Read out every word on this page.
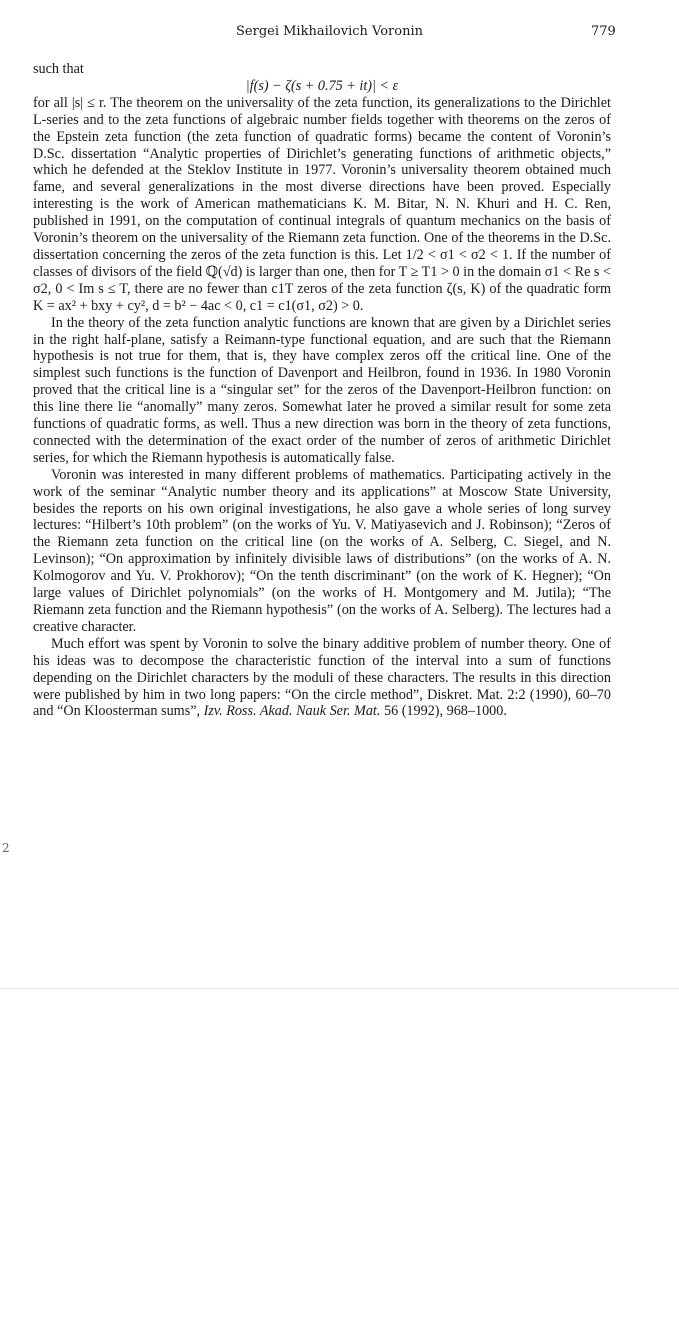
Sergei Mikhailovich Voronin	779

such that

|f(s) − ζ(s + 0.75 + it)| < ε

for all |s| ≤ r. The theorem on the universality of the zeta function, its generalizations to the Dirichlet L-series and to the zeta functions of algebraic number fields together with theorems on the zeros of the Epstein zeta function (the zeta function of quadratic forms) became the content of Voronin’s D.Sc. dissertation “Analytic properties of Dirichlet’s generating functions of arithmetic objects,” which he defended at the Steklov Institute in 1977. Voronin’s universality theorem obtained much fame, and several generalizations in the most diverse directions have been proved. Especially interesting is the work of American mathematicians K. M. Bitar, N. N. Khuri and H. C. Ren, published in 1991, on the computation of continual integrals of quantum mechanics on the basis of Voronin’s theorem on the universality of the Riemann zeta function. One of the theorems in the D.Sc. dissertation concerning the zeros of the zeta function is this. Let 1/2 < σ1 < σ2 < 1. If the number of classes of divisors of the field ℚ(√d) is larger than one, then for T ≥ T1 > 0 in the domain σ1 < Re s < σ2, 0 < Im s ≤ T, there are no fewer than c1T zeros of the zeta function ζ(s, K) of the quadratic form K = ax² + bxy + cy², d = b² − 4ac < 0, c1 = c1(σ1, σ2) > 0.

In the theory of the zeta function analytic functions are known that are given by a Dirichlet series in the right half-plane, satisfy a Reimann-type functional equation, and are such that the Riemann hypothesis is not true for them, that is, they have complex zeros off the critical line. One of the simplest such functions is the function of Davenport and Heilbron, found in 1936. In 1980 Voronin proved that the critical line is a “singular set” for the zeros of the Davenport-Heilbron function: on this line there lie “anomally” many zeros. Somewhat later he proved a similar result for some zeta functions of quadratic forms, as well. Thus a new direction was born in the theory of zeta functions, connected with the determination of the exact order of the number of zeros of arithmetic Dirichlet series, for which the Riemann hypothesis is automatically false.

Voronin was interested in many different problems of mathematics. Participating actively in the work of the seminar “Analytic number theory and its applications” at Moscow State University, besides the reports on his own original investigations, he also gave a whole series of long survey lectures: “Hilbert’s 10th problem” (on the works of Yu. V. Matiyasevich and J. Robinson); “Zeros of the Riemann zeta function on the critical line (on the works of A. Selberg, C. Siegel, and N. Levinson); “On approximation by infinitely divisible laws of distributions” (on the works of A. N. Kolmogorov and Yu. V. Prokhorov); “On the tenth discriminant” (on the work of K. Hegner); “On large values of Dirichlet polynomials” (on the works of H. Montgomery and M. Jutila); “The Riemann zeta function and the Riemann hypothesis” (on the works of A. Selberg). The lectures had a creative character.

Much effort was spent by Voronin to solve the binary additive problem of number theory. One of his ideas was to decompose the characteristic function of the interval into a sum of functions depending on the Dirichlet characters by the moduli of these characters. The results in this direction were published by him in two long papers: “On the circle method”, Diskret. Mat. 2:2 (1990), 60–70 and “On Kloosterman sums”, Izv. Ross. Akad. Nauk Ser. Mat. 56 (1992), 968–1000.

2
